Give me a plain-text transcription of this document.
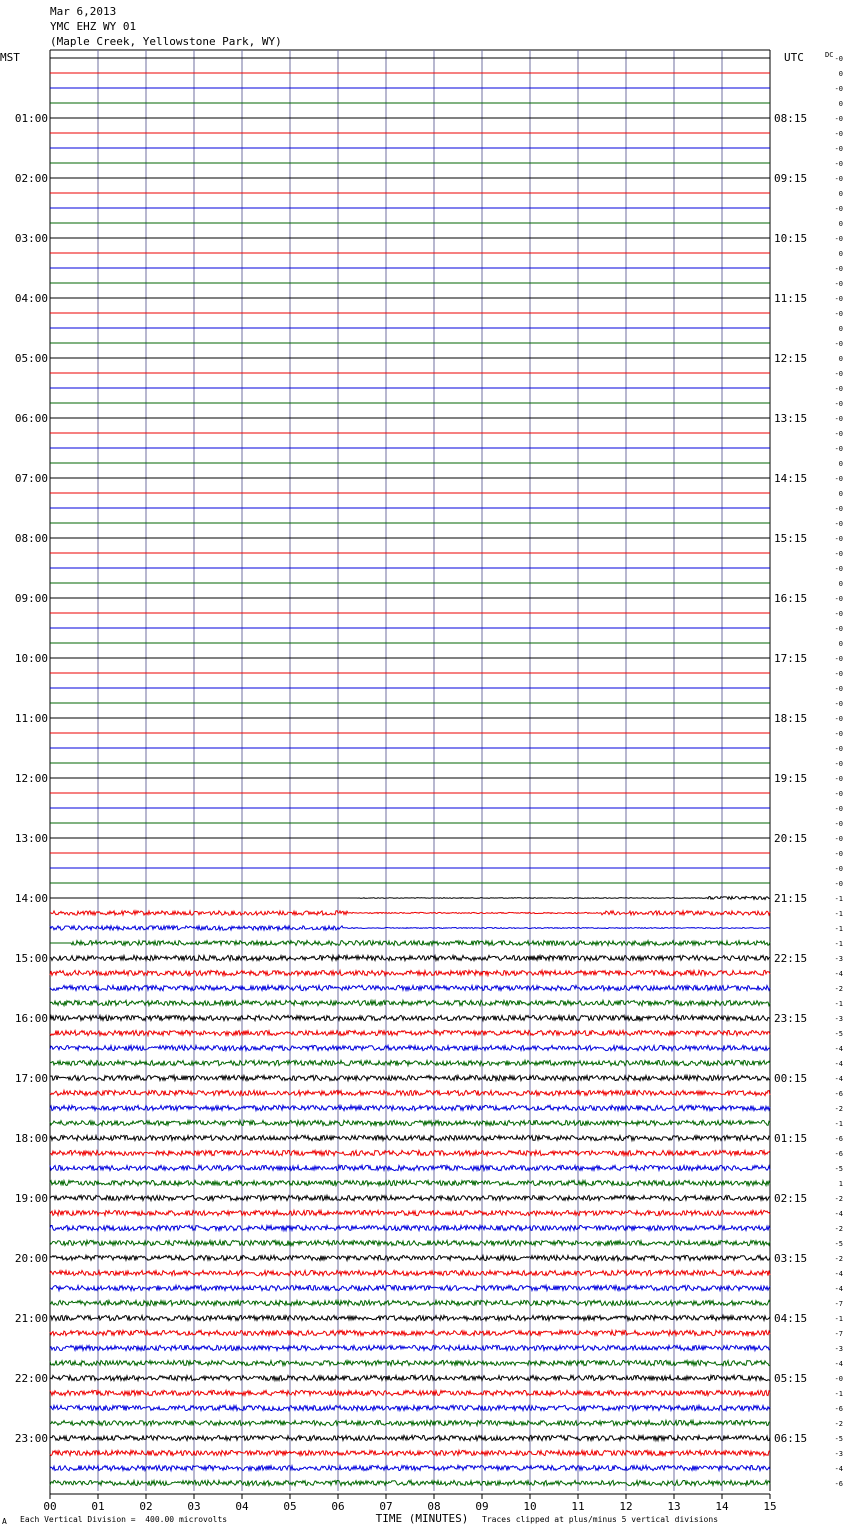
Mar 6,2013
YMC EHZ WY 01
(Maple Creek, Yellowstone Park, WY)
-0
0
-0
0
-0
-0
-0
-0
-0
0
-0
0
-0
0
-0
-0
-0
-0
0
-0
0
-0
-0
-0
-0
-0
-0
0
-0
0
-0
-0
-0
-0
-0
0
-0
-0
-0
0
-0
-0
-0
-0
-0
-0
-0
-0
-0
-0
-0
-0
-0
-0
-0
-0
-1
-1
-1
-1
-3
-4
-2
-1
-3
-5
-4
-4
-4
-6
-2
-1
-6
-6
-5
1
-2
-4
-2
-5
-2
-4
-4
-7
-1
-7
-3
-4
-0
-1
-6
-2
-5
-3
-4
-6
01:00	08:15
02:00	09:15
03:00	10:15
04:00	11:15
05:00	12:15
06:00	13:15
07:00	14:15
08:00	15:15
09:00	16:15
10:00	17:15
11:00	18:15
12:00	19:15
13:00	20:15
14:00	21:15
15:00	22:15
16:00	23:15
17:00	00:15
18:00	01:15
19:00	02:15
20:00	03:15
21:00	04:15
22:00	05:15
23:00	06:15
MST	UTC	DC
00	01	02	03	04	05	06	07	08	09	10	11	12	13	14	15
TIME (MINUTES)
A Each Vertical Division =  400.00 microvolts	Traces clipped at plus/minus 5 vertical divisions
